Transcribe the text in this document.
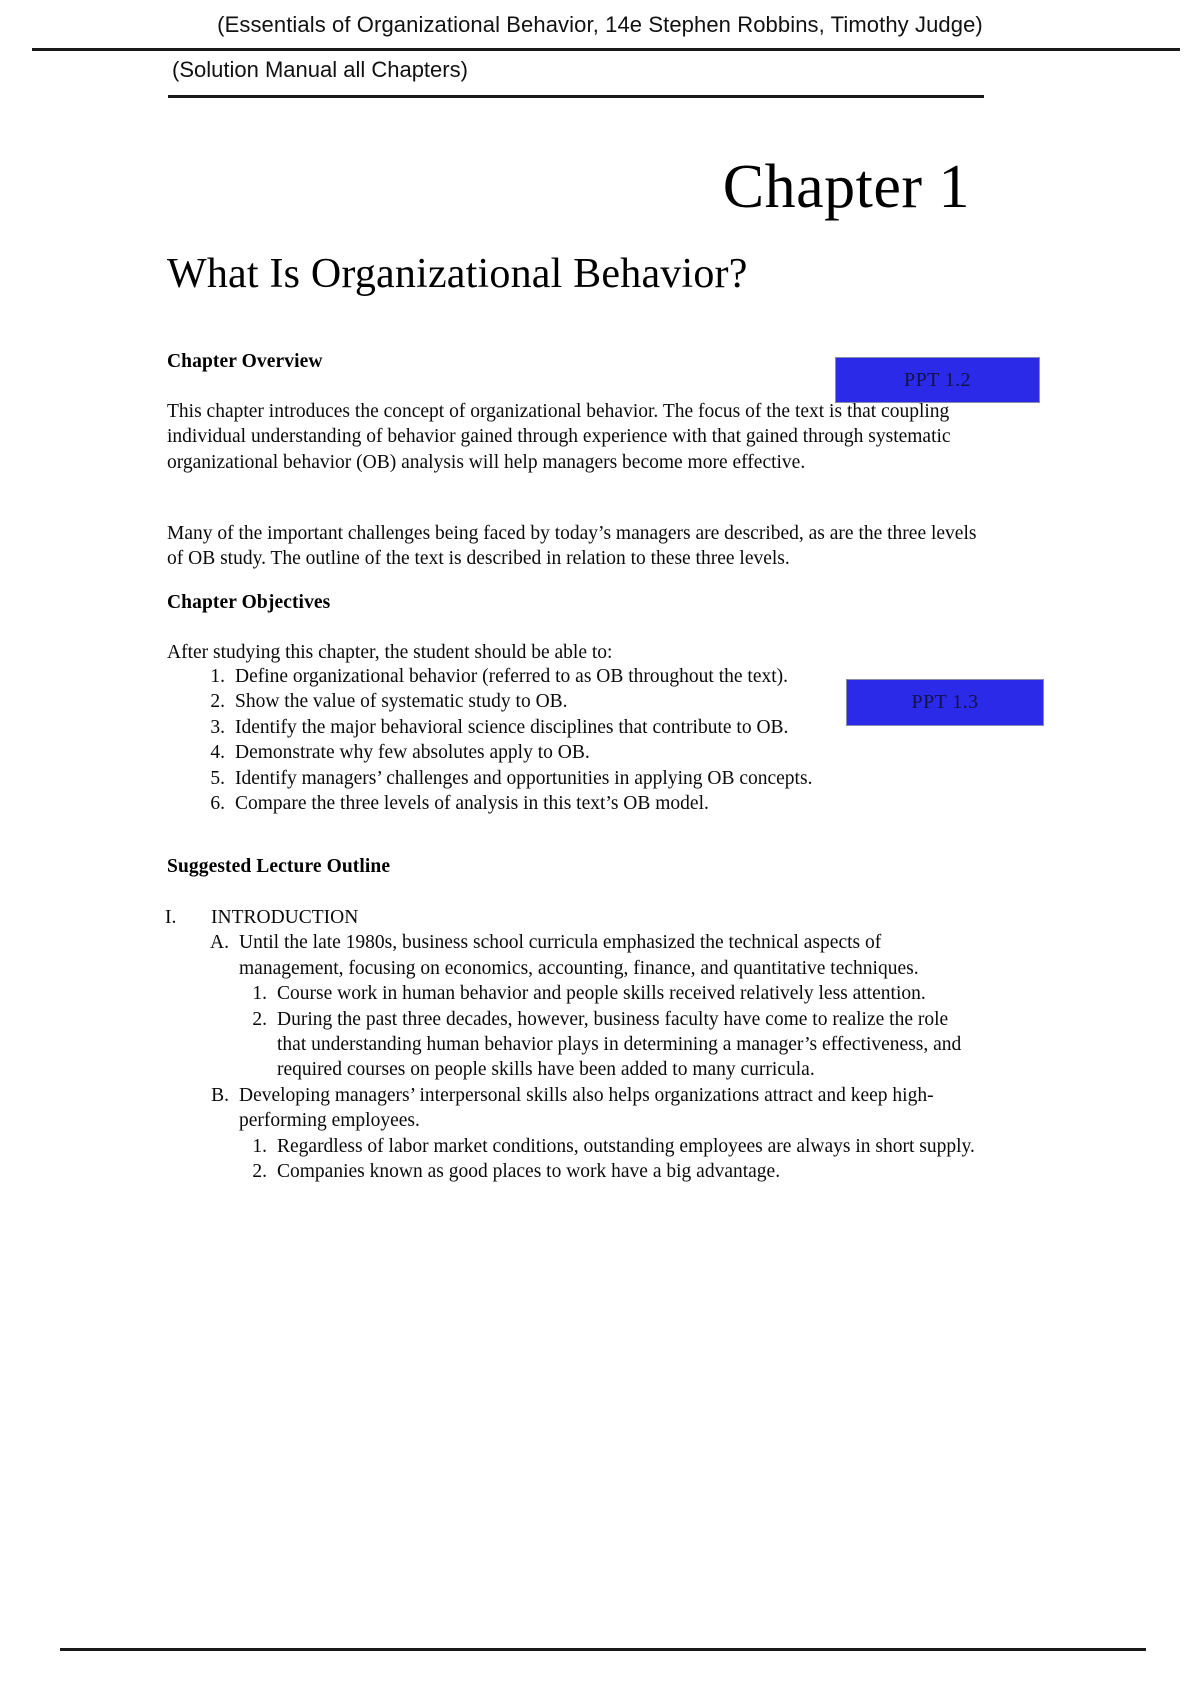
(Essentials of Organizational Behavior, 14e Stephen Robbins, Timothy Judge)
(Solution Manual all Chapters)
Chapter 1
What Is Organizational Behavior?
Chapter Overview
PPT 1.2
This chapter introduces the concept of organizational behavior. The focus of the text is that coupling individual understanding of behavior gained through experience with that gained through systematic organizational behavior (OB) analysis will help managers become more effective.
Many of the important challenges being faced by today’s managers are described, as are the three levels of OB study. The outline of the text is described in relation to these three levels.
Chapter Objectives
PPT 1.3
After studying this chapter, the student should be able to:
1. Define organizational behavior (referred to as OB throughout the text).
2. Show the value of systematic study to OB.
3. Identify the major behavioral science disciplines that contribute to OB.
4. Demonstrate why few absolutes apply to OB.
5. Identify managers’ challenges and opportunities in applying OB concepts.
6. Compare the three levels of analysis in this text’s OB model.
Suggested Lecture Outline
I.	INTRODUCTION
A. Until the late 1980s, business school curricula emphasized the technical aspects of management, focusing on economics, accounting, finance, and quantitative techniques.
1. Course work in human behavior and people skills received relatively less attention.
2. During the past three decades, however, business faculty have come to realize the role that understanding human behavior plays in determining a manager’s effectiveness, and required courses on people skills have been added to many curricula.
B. Developing managers’ interpersonal skills also helps organizations attract and keep high-performing employees.
1. Regardless of labor market conditions, outstanding employees are always in short supply.
2. Companies known as good places to work have a big advantage.
